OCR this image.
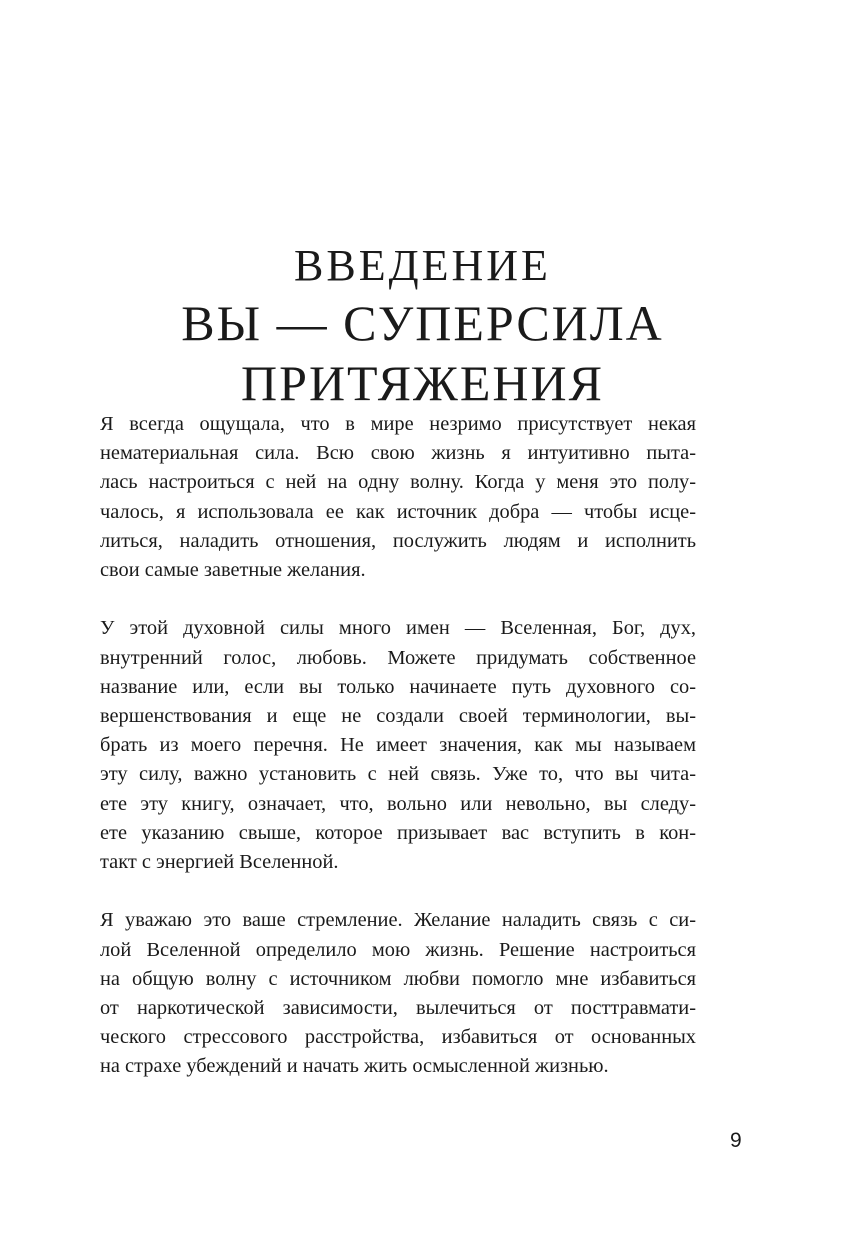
ВВЕДЕНИЕ
ВЫ — СУПЕРСИЛА
ПРИТЯЖЕНИЯ

Я всегда ощущала, что в мире незримо присутствует некая
нематериальная сила. Всю свою жизнь я интуитивно пыта-
лась настроиться с ней на одну волну. Когда у меня это полу-
чалось, я использовала ее как источник добра — чтобы исце-
литься, наладить отношения, послужить людям и исполнить
свои самые заветные желания.

У этой духовной силы много имен — Вселенная, Бог, дух,
внутренний голос, любовь. Можете придумать собственное
название или, если вы только начинаете путь духовного со-
вершенствования и еще не создали своей терминологии, вы-
брать из моего перечня. Не имеет значения, как мы называем
эту силу, важно установить с ней связь. Уже то, что вы чита-
ете эту книгу, означает, что, вольно или невольно, вы следу-
ете указанию свыше, которое призывает вас вступить в кон-
такт с энергией Вселенной.

Я уважаю это ваше стремление. Желание наладить связь с си-
лой Вселенной определило мою жизнь. Решение настроиться
на общую волну с источником любви помогло мне избавиться
от наркотической зависимости, вылечиться от посттравмати-
ческого стрессового расстройства, избавиться от основанных
на страхе убеждений и начать жить осмысленной жизнью.

9
